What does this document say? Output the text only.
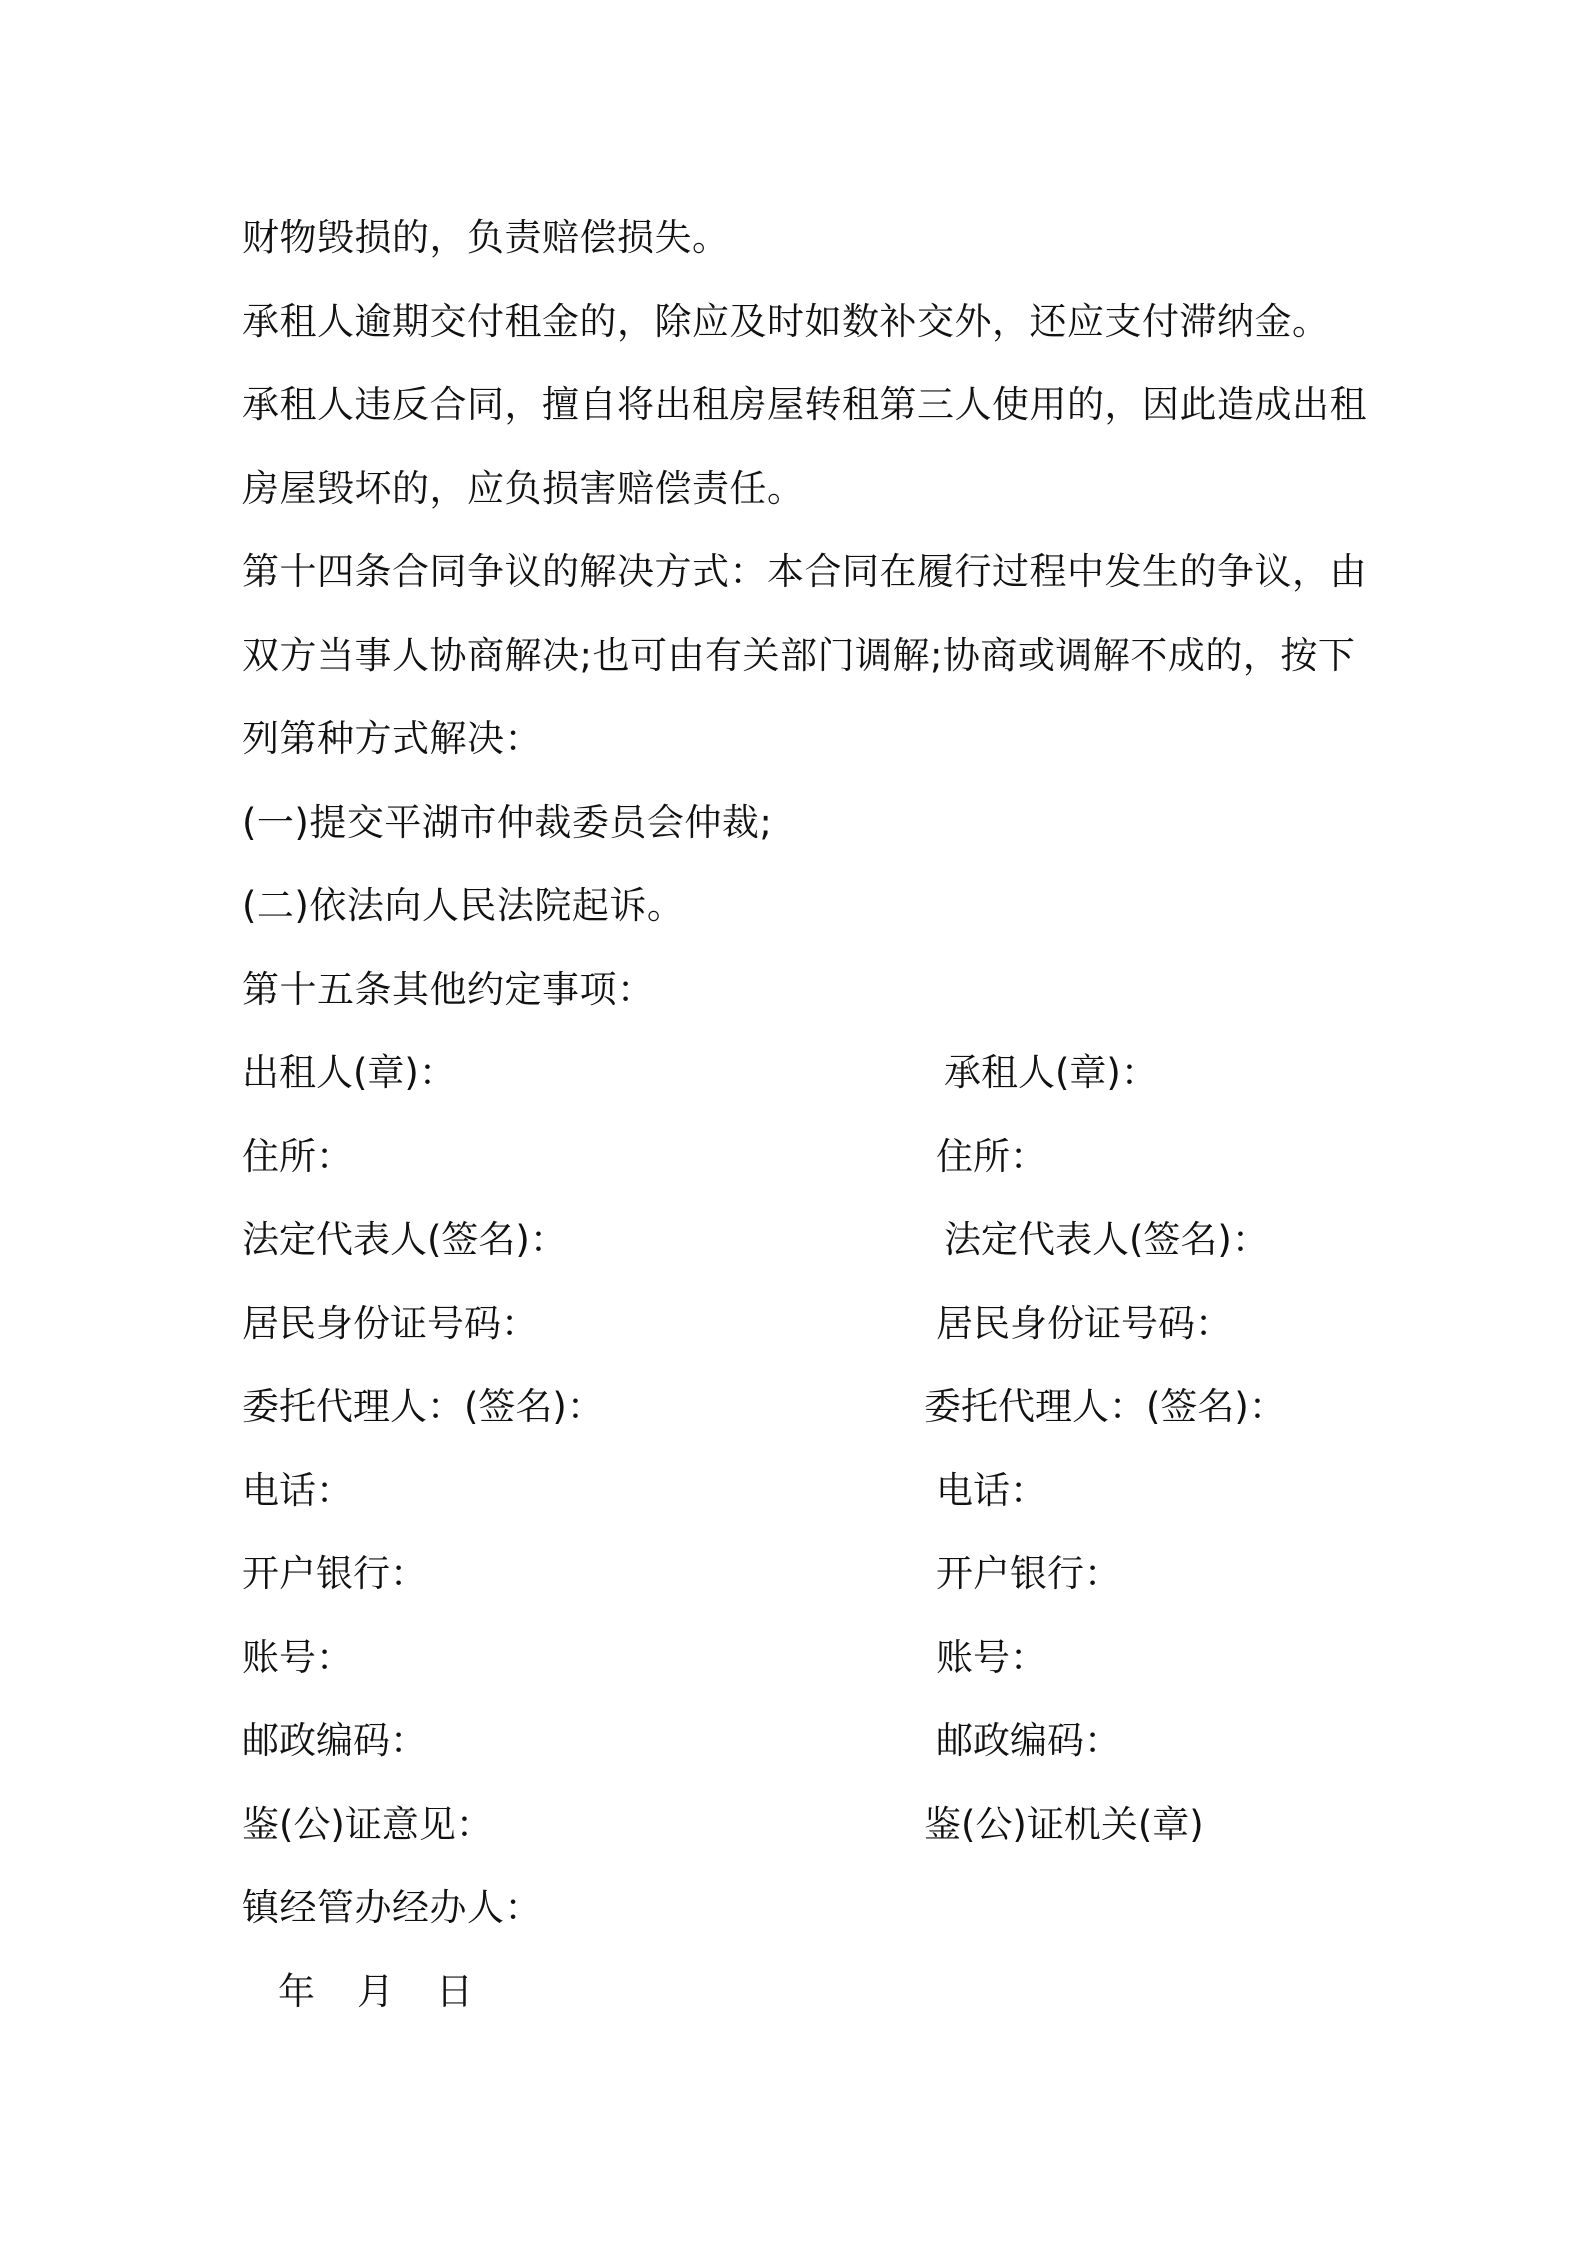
财物毁损的，负责赔偿损失。
承租人逾期交付租金的，除应及时如数补交外，还应支付滞纳金。
承租人违反合同，擅自将出租房屋转租第三人使用的，因此造成出租
房屋毁坏的，应负损害赔偿责任。
第十四条合同争议的解决方式：本合同在履行过程中发生的争议，由
双方当事人协商解决;也可由有关部门调解;协商或调解不成的，按下
列第种方式解决：
(一)提交平湖市仲裁委员会仲裁;
(二)依法向人民法院起诉。
第十五条其他约定事项：
出租人(章)：	承租人(章)：
住所：	住所：
法定代表人(签名)：	法定代表人(签名)：
居民身份证号码：	居民身份证号码：
委托代理人：(签名)：	委托代理人：(签名)：
电话：	电话：
开户银行：	开户银行：
账号：	账号：
邮政编码：	邮政编码：
鉴(公)证意见：	鉴(公)证机关(章)
镇经管办经办人：
年 月 日
